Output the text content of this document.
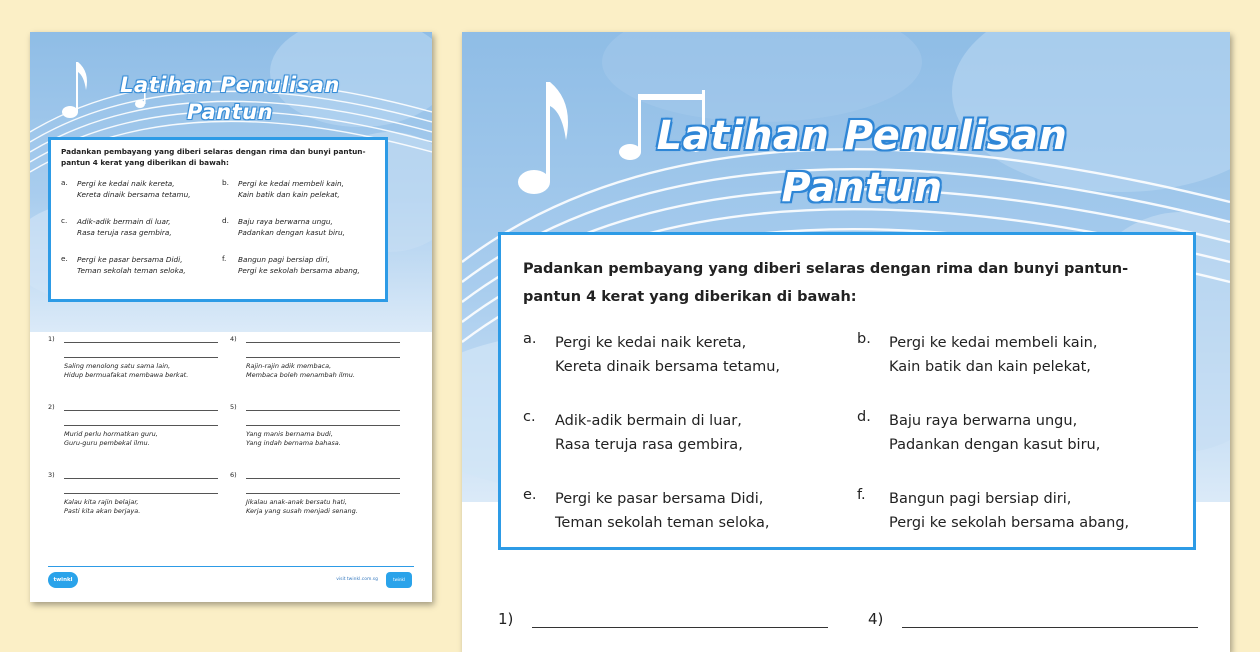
Latihan Penulisan
Pantun
Padankan pembayang yang diberi selaras dengan rima dan bunyi pantun-
pantun 4 kerat yang diberikan di bawah:
a.	Pergi ke kedai naik kereta,
Kereta dinaik bersama tetamu,
b.	Pergi ke kedai membeli kain,
Kain batik dan kain pelekat,
c.	Adik-adik bermain di luar,
Rasa teruja rasa gembira,
d.	Baju raya berwarna ungu,
Padankan dengan kasut biru,
e.	Pergi ke pasar bersama Didi,
Teman sekolah teman seloka,
f.	Bangun pagi bersiap diri,
Pergi ke sekolah bersama abang,
1)
Saling menolong satu sama lain,
Hidup bermuafakat membawa berkat.
4)
Rajin-rajin adik membaca,
Membaca boleh menambah ilmu.
2)
Murid perlu hormatkan guru,
Guru-guru pembekal ilmu.
5)
Yang manis bernama budi,
Yang indah bernama bahasa.
3)
Kalau kita rajin belajar,
Pasti kita akan berjaya.
6)
Jikalau anak-anak bersatu hati,
Kerja yang susah menjadi senang.
twinkl	visit twinkl.com.sg	twinkl
Latihan Penulisan
Pantun
Padankan pembayang yang diberi selaras dengan rima dan bunyi pantun-
pantun 4 kerat yang diberikan di bawah:
a.	Pergi ke kedai naik kereta,
Kereta dinaik bersama tetamu,
b.	Pergi ke kedai membeli kain,
Kain batik dan kain pelekat,
c.	Adik-adik bermain di luar,
Rasa teruja rasa gembira,
d.	Baju raya berwarna ungu,
Padankan dengan kasut biru,
e.	Pergi ke pasar bersama Didi,
Teman sekolah teman seloka,
f.	Bangun pagi bersiap diri,
Pergi ke sekolah bersama abang,
1)	4)
